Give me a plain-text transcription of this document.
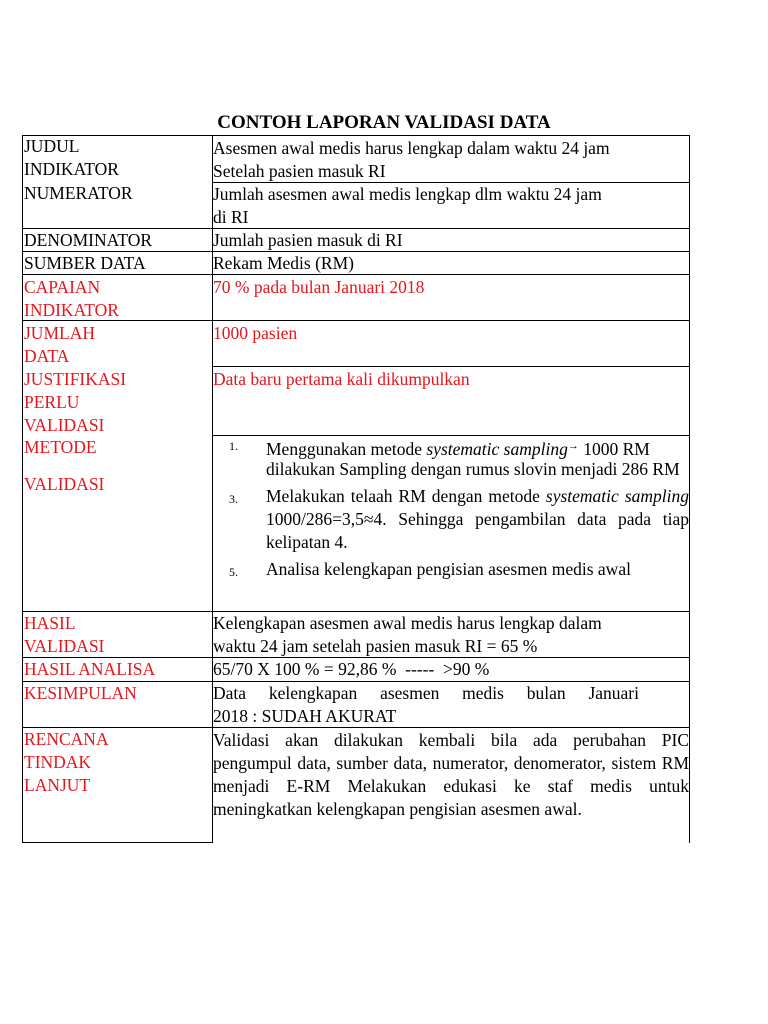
CONTOH LAPORAN VALIDASI DATA
JUDUL
INDIKATOR
NUMERATOR
DENOMINATOR
SUMBER DATA
CAPAIAN
INDIKATOR
JUMLAH
DATA
JUSTIFIKASI
PERLU
VALIDASI
METODE
VALIDASI
HASIL
VALIDASI
HASIL ANALISA
KESIMPULAN
RENCANA
TINDAK
LANJUT
Asesmen awal medis harus lengkap dalam waktu 24 jam
Setelah pasien masuk RI
Jumlah asesmen awal medis lengkap dlm waktu 24 jam
di RI
Jumlah pasien masuk di RI
Rekam Medis (RM)
70 % pada bulan Januari 2018
1000 pasien
Data baru pertama kali dikumpulkan
1. Menggunakan metode systematic sampling→ 1000 RM dilakukan Sampling dengan rumus slovin menjadi 286 RM
3. Melakukan telaah RM dengan metode systematic sampling 1000/286=3,5≈4. Sehingga pengambilan data pada tiap kelipatan 4.
5. Analisa kelengkapan pengisian asesmen medis awal
Kelengkapan asesmen awal medis harus lengkap dalam
waktu 24 jam setelah pasien masuk RI = 65 %
65/70 X 100 % = 92,86 %  -----  >90 %
Data kelengkapan asesmen medis bulan Januari
2018 : SUDAH AKURAT
Validasi akan dilakukan kembali bila ada perubahan PIC pengumpul data, sumber data, numerator, denomerator, sistem RM menjadi E-RM Melakukan edukasi ke staf medis untuk meningkatkan kelengkapan pengisian asesmen awal.
